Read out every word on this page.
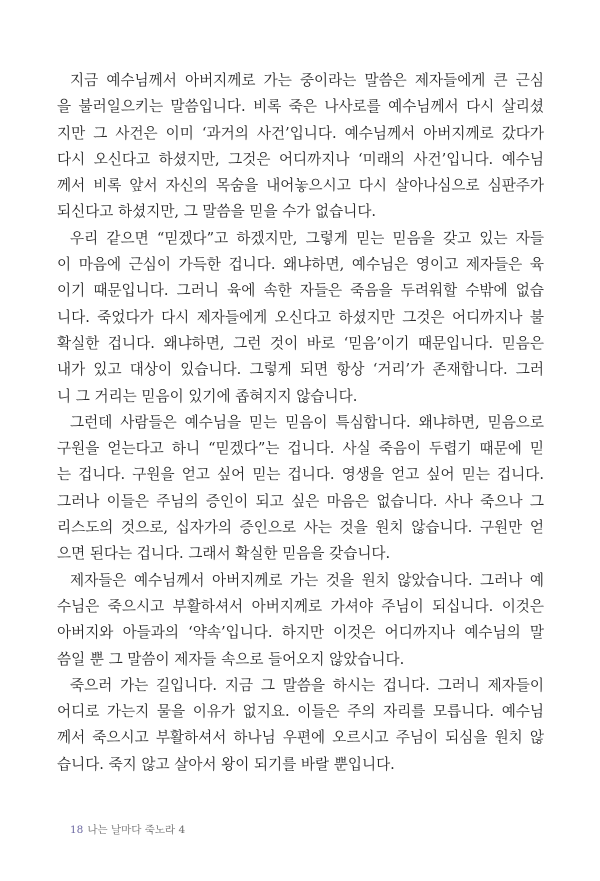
지금 예수님께서 아버지께로 가는 중이라는 말씀은 제자들에게 큰 근심
을 불러일으키는 말씀입니다. 비록 죽은 나사로를 예수님께서 다시 살리셨
지만 그 사건은 이미 ‘과거의 사건’입니다. 예수님께서 아버지께로 갔다가
다시 오신다고 하셨지만, 그것은 어디까지나 ‘미래의 사건’입니다. 예수님
께서 비록 앞서 자신의 목숨을 내어놓으시고 다시 살아나심으로 심판주가
되신다고 하셨지만, 그 말씀을 믿을 수가 없습니다.
우리 같으면 “믿겠다”고 하겠지만, 그렇게 믿는 믿음을 갖고 있는 자들
이 마음에 근심이 가득한 겁니다. 왜냐하면, 예수님은 영이고 제자들은 육
이기 때문입니다. 그러니 육에 속한 자들은 죽음을 두려워할 수밖에 없습
니다. 죽었다가 다시 제자들에게 오신다고 하셨지만 그것은 어디까지나 불
확실한 겁니다. 왜냐하면, 그런 것이 바로 ‘믿음’이기 때문입니다. 믿음은
내가 있고 대상이 있습니다. 그렇게 되면 항상 ‘거리’가 존재합니다. 그러
니 그 거리는 믿음이 있기에 좁혀지지 않습니다.
그런데 사람들은 예수님을 믿는 믿음이 특심합니다. 왜냐하면, 믿음으로
구원을 얻는다고 하니 “믿겠다”는 겁니다. 사실 죽음이 두렵기 때문에 믿
는 겁니다. 구원을 얻고 싶어 믿는 겁니다. 영생을 얻고 싶어 믿는 겁니다.
그러나 이들은 주님의 증인이 되고 싶은 마음은 없습니다. 사나 죽으나 그
리스도의 것으로, 십자가의 증인으로 사는 것을 원치 않습니다. 구원만 얻
으면 된다는 겁니다. 그래서 확실한 믿음을 갖습니다.
제자들은 예수님께서 아버지께로 가는 것을 원치 않았습니다. 그러나 예
수님은 죽으시고 부활하셔서 아버지께로 가셔야 주님이 되십니다. 이것은
아버지와 아들과의 ‘약속’입니다. 하지만 이것은 어디까지나 예수님의 말
씀일 뿐 그 말씀이 제자들 속으로 들어오지 않았습니다.
죽으러 가는 길입니다. 지금 그 말씀을 하시는 겁니다. 그러니 제자들이
어디로 가는지 물을 이유가 없지요. 이들은 주의 자리를 모릅니다. 예수님
께서 죽으시고 부활하셔서 하나님 우편에 오르시고 주님이 되심을 원치 않
습니다. 죽지 않고 살아서 왕이 되기를 바랄 뿐입니다.
18 나는 날마다 죽노라 4
